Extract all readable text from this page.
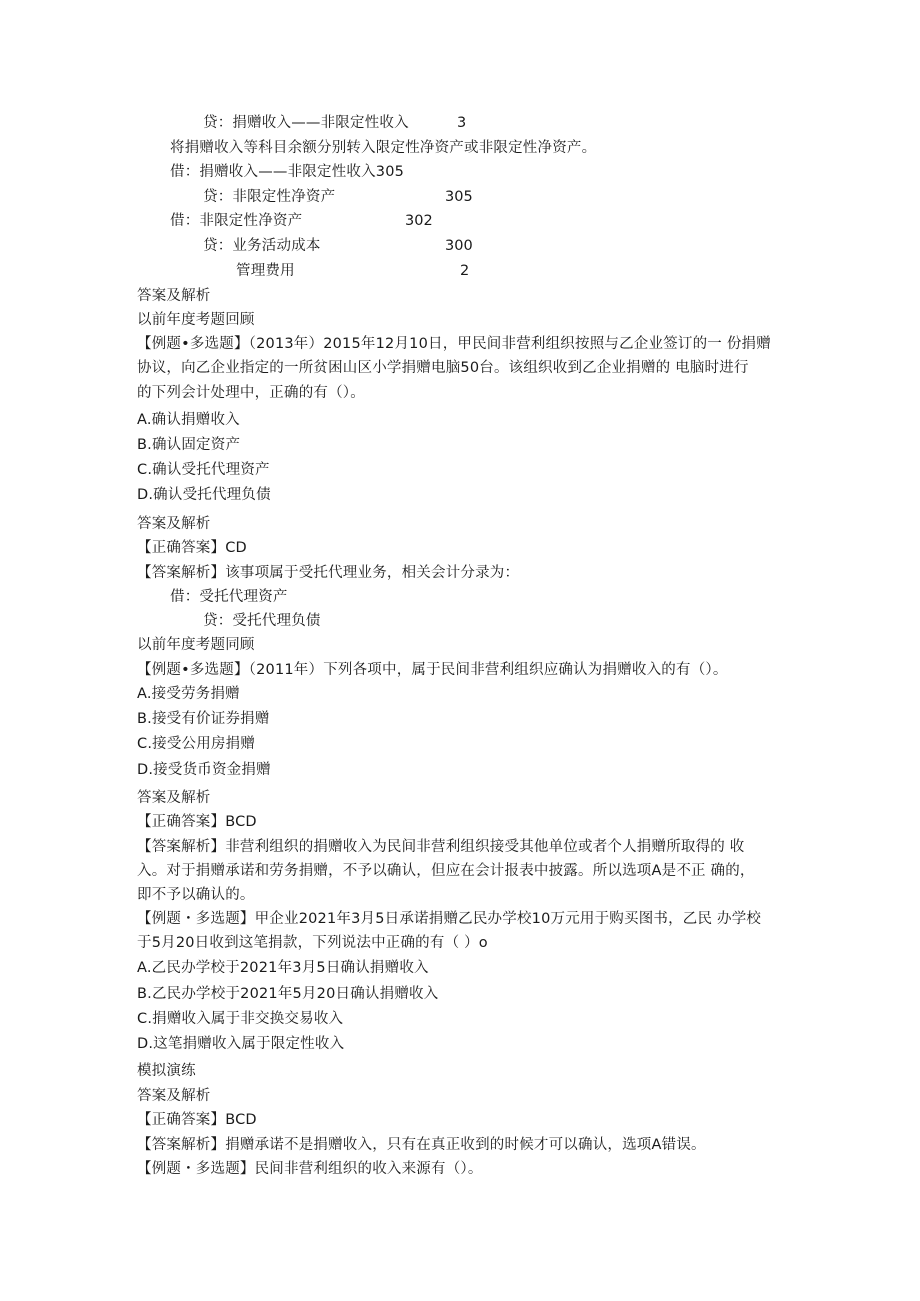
贷：捐赠收入——非限定性收入	3
将捐赠收入等科目余额分别转入限定性净资产或非限定性净资产。
借：捐赠收入——非限定性收入305
贷：非限定性净资产	305
借：非限定性净资产	302
贷：业务活动成本	300
管理费用	2
答案及解析
以前年度考题回顾
【例题•多选题】（2013年）2015年12月10日，甲民间非营利组织按照与乙企业签订的一 份捐赠
协议，向乙企业指定的一所贫困山区小学捐赠电脑50台。该组织收到乙企业捐赠的 电脑时进行
的下列会计处理中，正确的有（）。
A.确认捐赠收入
B.确认固定资产
C.确认受托代理资产
D.确认受托代理负债
答案及解析
【正确答案】CD
【答案解析】该事项属于受托代理业务，相关会计分录为：
借：受托代理资产
贷：受托代理负债
以前年度考题同顾
【例题•多选题】（2011年）下列各项中，属于民间非营利组织应确认为捐赠收入的有（）。
A.接受劳务捐赠
B.接受有价证券捐赠
C.接受公用房捐赠
D.接受货币资金捐赠
答案及解析
【正确答案】BCD
【答案解析】非营利组织的捐赠收入为民间非营利组织接受其他单位或者个人捐赠所取得的 收
入。对于捐赠承诺和劳务捐赠，不予以确认，但应在会计报表中披露。所以选项A是不正 确的，
即不予以确认的。
【例题・多选题】甲企业2021年3月5日承诺捐赠乙民办学校10万元用于购买图书，乙民 办学校
于5月20日收到这笔捐款，下列说法中正确的有（ ）o
A.乙民办学校于2021年3月5日确认捐赠收入
B.乙民办学校于2021年5月20日确认捐赠收入
C.捐赠收入属于非交换交易收入
D.这笔捐赠收入属于限定性收入
模拟演练
答案及解析
【正确答案】BCD
【答案解析】捐赠承诺不是捐赠收入，只有在真正收到的时候才可以确认，选项A错误。
【例题・多选题】民间非营利组织的收入来源有（）。
